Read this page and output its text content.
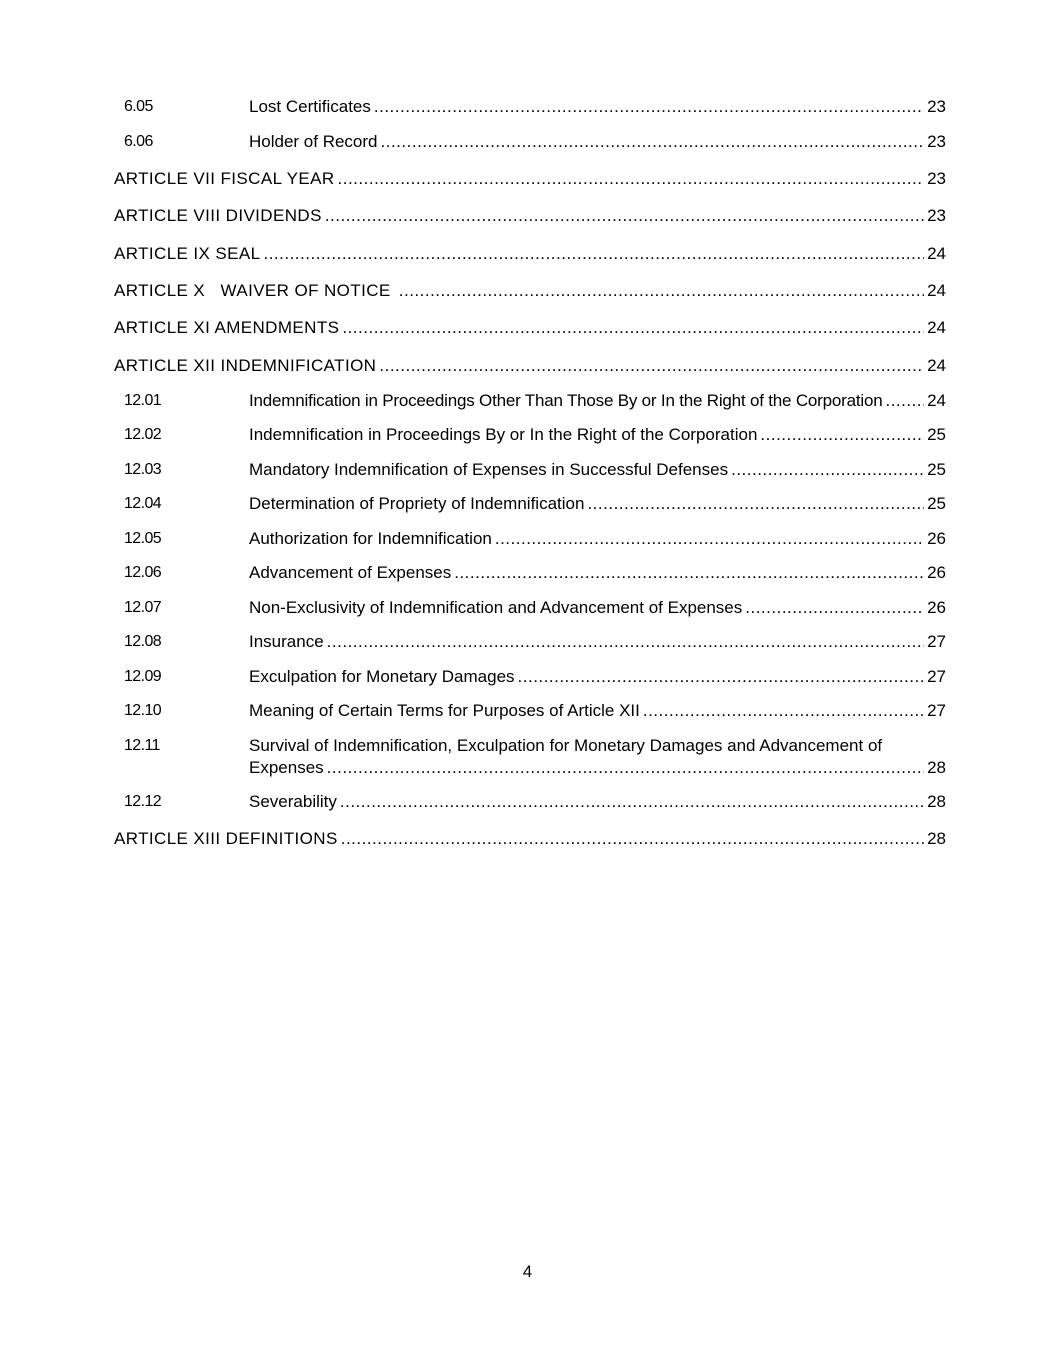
6.05	Lost Certificates .....	23
6.06	Holder of Record .....	23
ARTICLE VII FISCAL YEAR .....	23
ARTICLE VIII DIVIDENDS .....	23
ARTICLE IX SEAL .....	24
ARTICLE X   WAIVER OF NOTICE .....	24
ARTICLE XI AMENDMENTS .....	24
ARTICLE XII INDEMNIFICATION .....	24
12.01	Indemnification in Proceedings Other Than Those By or In the Right of the Corporation .....	24
12.02	Indemnification in Proceedings By or In the Right of the Corporation .....	25
12.03	Mandatory Indemnification of Expenses in Successful Defenses .....	25
12.04	Determination of Propriety of Indemnification .....	25
12.05	Authorization for Indemnification .....	26
12.06	Advancement of Expenses .....	26
12.07	Non-Exclusivity of Indemnification and Advancement of Expenses .....	26
12.08	Insurance .....	27
12.09	Exculpation for Monetary Damages .....	27
12.10	Meaning of Certain Terms for Purposes of Article XII .....	27
12.11	Survival of Indemnification, Exculpation for Monetary Damages and Advancement of
Expenses .....	28
12.12	Severability .....	28
ARTICLE XIII DEFINITIONS .....	28
4
